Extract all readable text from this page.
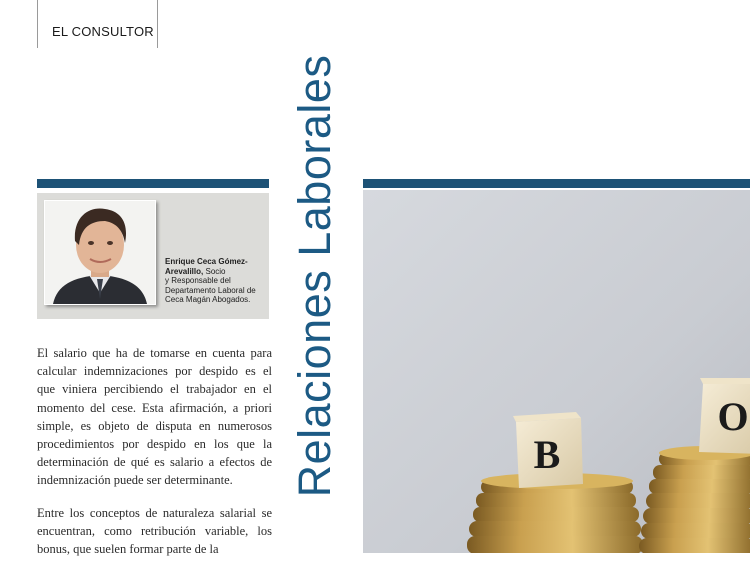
EL CONSULTOR
Enrique Ceca Gómez-Arevalillo, Socio
y Responsable del
Departamento Laboral de
Ceca Magán Abogados.

El salario que ha de tomarse en cuenta para calcular indemnizaciones por despido es el que viniera percibiendo el trabajador en el momento del cese. Esta afirmación, a priori simple, es objeto de disputa en numerosos procedimientos por despido en los que la determinación de qué es salario a efectos de indemnización puede ser determinante.

Entre los conceptos de naturaleza salarial se encuentran, como retribución variable, los bonus, que suelen formar parte de la

Relaciones Laborales	B
O
